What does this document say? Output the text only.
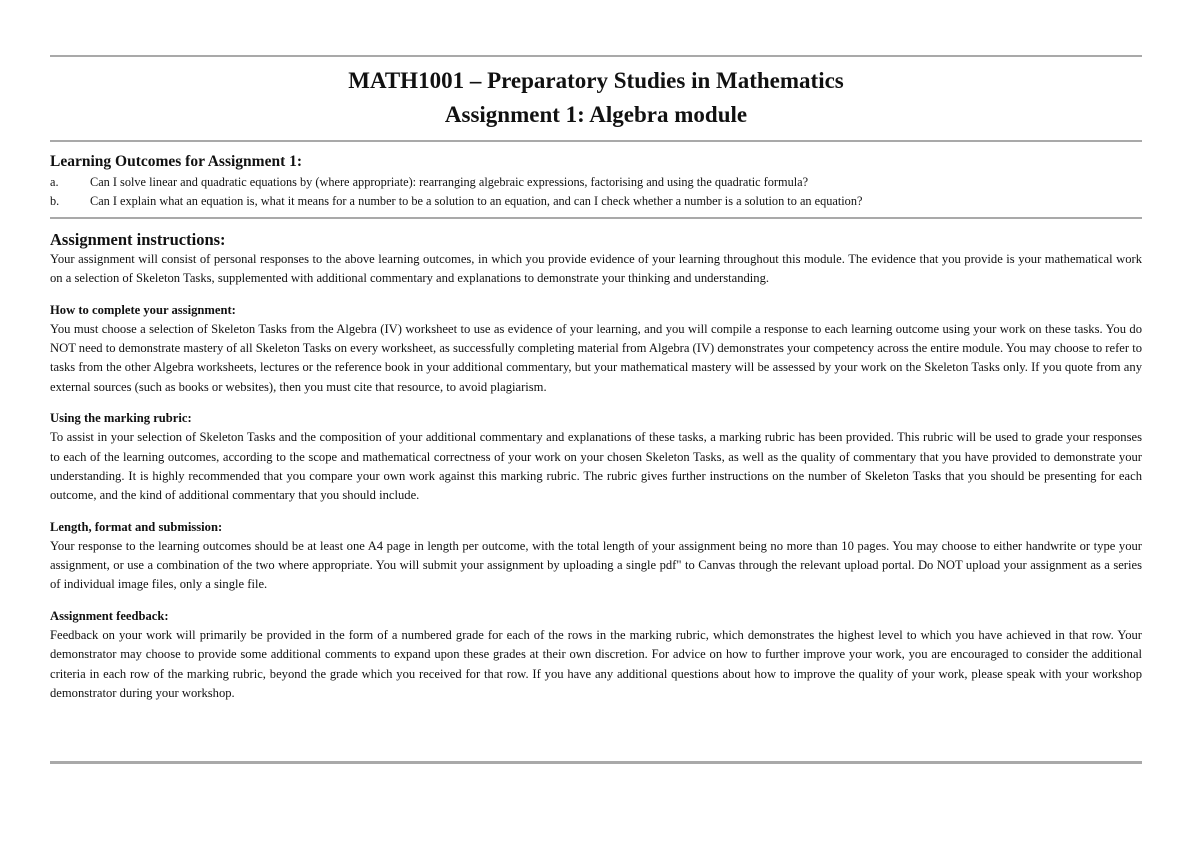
MATH1001 – Preparatory Studies in Mathematics
Assignment 1: Algebra module
Learning Outcomes for Assignment 1:
a.	Can I solve linear and quadratic equations by (where appropriate): rearranging algebraic expressions, factorising and using the quadratic formula?
b.	Can I explain what an equation is, what it means for a number to be a solution to an equation, and can I check whether a number is a solution to an equation?
Assignment instructions:

Your assignment will consist of personal responses to the above learning outcomes, in which you provide evidence of your learning throughout this module. The evidence that you provide is your mathematical work on a selection of Skeleton Tasks, supplemented with additional commentary and explanations to demonstrate your thinking and understanding.

How to complete your assignment:

You must choose a selection of Skeleton Tasks from the Algebra (IV) worksheet to use as evidence of your learning, and you will compile a response to each learning outcome using your work on these tasks. You do NOT need to demonstrate mastery of all Skeleton Tasks on every worksheet, as successfully completing material from Algebra (IV) demonstrates your competency across the entire module. You may choose to refer to tasks from the other Algebra worksheets, lectures or the reference book in your additional commentary, but your mathematical mastery will be assessed by your work on the Skeleton Tasks only. If you quote from any external sources (such as books or websites), then you must cite that resource, to avoid plagiarism.

Using the marking rubric:

To assist in your selection of Skeleton Tasks and the composition of your additional commentary and explanations of these tasks, a marking rubric has been provided. This rubric will be used to grade your responses to each of the learning outcomes, according to the scope and mathematical correctness of your work on your chosen Skeleton Tasks, as well as the quality of commentary that you have provided to demonstrate your understanding. It is highly recommended that you compare your own work against this marking rubric. The rubric gives further instructions on the number of Skeleton Tasks that you should be presenting for each outcome, and the kind of additional commentary that you should include.

Length, format and submission:

Your response to the learning outcomes should be at least one A4 page in length per outcome, with the total length of your assignment being no more than 10 pages. You may choose to either handwrite or type your assignment, or use a combination of the two where appropriate. You will submit your assignment by uploading a single pdf" to Canvas through the relevant upload portal. Do NOT upload your assignment as a series of individual image files, only a single file.

Assignment feedback:

Feedback on your work will primarily be provided in the form of a numbered grade for each of the rows in the marking rubric, which demonstrates the highest level to which you have achieved in that row. Your demonstrator may choose to provide some additional comments to expand upon these grades at their own discretion. For advice on how to further improve your work, you are encouraged to consider the additional criteria in each row of the marking rubric, beyond the grade which you received for that row. If you have any additional questions about how to improve the quality of your work, please speak with your workshop demonstrator during your workshop.
